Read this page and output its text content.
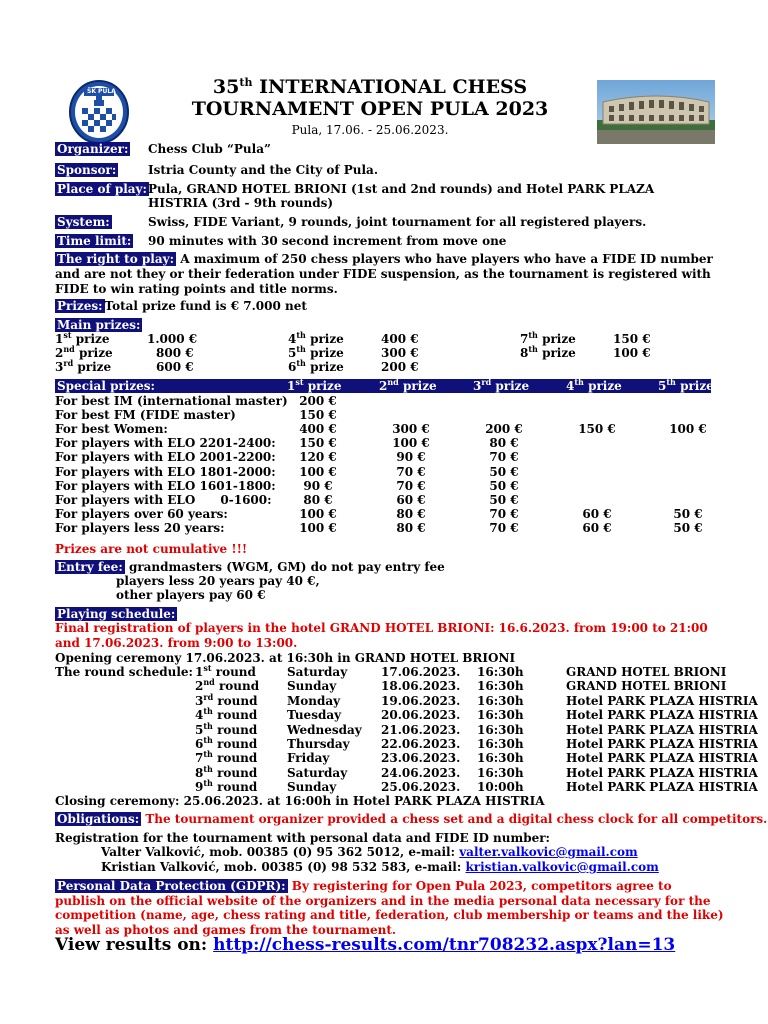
ŠK PULA	35th INTERNATIONAL CHESS
TOURNAMENT OPEN PULA 2023
Pula, 17.06. - 25.06.2023.
Organizer: Chess Club “Pula”
Sponsor:	Istria County and the City of Pula.
Place of play: Pula, GRAND HOTEL BRIONI (1st and 2nd rounds) and Hotel PARK PLAZA HISTRIA (3rd - 9th rounds)
System:	Swiss, FIDE Variant, 9 rounds, joint tournament for all registered players.
Time limit: 90 minutes with 30 second increment from move one
The right to play: A maximum of 250 chess players who have players who have a FIDE ID number and are not they or their federation under FIDE suspension, as the tournament is registered with FIDE to win rating points and title norms.
Prizes: Total prize fund is € 7.000 net
Main prizes:
1st prize	1.000 €
2nd prize	800 €
3rd prize	600 €
4th prize	400 €
5th prize	300 €
6th prize	200 €
7th prize	150 €
8th prize	100 €
Special prizes:	1st prize	2nd prize	3rd prize	4th prize	5th prize
For best IM (international master) 200 €
For best FM (FIDE master)	150 €
For best Women:	400 €	300 €	200 €	150 €	100 €
For players with ELO 2201-2400:	150 €	100 €	80 €
For players with ELO 2001-2200:	120 €	90 €	70 €
For players with ELO 1801-2000:	100 €	70 €	50 €
For players with ELO 1601-1800:	90 €	70 €	50 €
For players with ELO      0-1600:	80 €	60 €	50 €
For players over 60 years:	100 €	80 €	70 €	60 €	50 €
For players less 20 years:	100 €	80 €	70 €	60 €	50 €
Prizes are not cumulative !!!
Entry fee: grandmasters (WGM, GM) do not pay entry fee
players less 20 years pay 40 €,
other players pay 60 €
Playing schedule:
Final registration of players in the hotel GRAND HOTEL BRIONI: 16.6.2023. from 19:00 to 21:00 and 17.06.2023. from 9:00 to 13:00.
Opening ceremony 17.06.2023. at 16:30h in GRAND HOTEL BRIONI
The round schedule: 1st round	Saturday	17.06.2023. 16:30h	GRAND HOTEL BRIONI
2nd round Sunday	18.06.2023. 16:30h	GRAND HOTEL BRIONI
3rd round Monday	19.06.2023. 16:30h	Hotel PARK PLAZA HISTRIA
4th round Tuesday	20.06.2023. 16:30h	Hotel PARK PLAZA HISTRIA
5th round Wednesday 21.06.2023. 16:30h	Hotel PARK PLAZA HISTRIA
6th round Thursday	22.06.2023. 16:30h	Hotel PARK PLAZA HISTRIA
7th round Friday	23.06.2023. 16:30h	Hotel PARK PLAZA HISTRIA
8th round Saturday	24.06.2023. 16:30h	Hotel PARK PLAZA HISTRIA
9th round Sunday	25.06.2023. 10:00h	Hotel PARK PLAZA HISTRIA
Closing ceremony: 25.06.2023. at 16:00h in Hotel PARK PLAZA HISTRIA
Obligations: The tournament organizer provided a chess set and a digital chess clock for all competitors.
Registration for the tournament with personal data and FIDE ID number:
Valter Valković, mob. 00385 (0) 95 362 5012, e-mail: valter.valkovic@gmail.com
Kristian Valković, mob. 00385 (0) 98 532 583, e-mail: kristian.valkovic@gmail.com
Personal Data Protection (GDPR): By registering for Open Pula 2023, competitors agree to publish on the official website of the organizers and in the media personal data necessary for the competition (name, age, chess rating and title, federation, club membership or teams and the like) as well as photos and games from the tournament.
View results on: http://chess-results.com/tnr708232.aspx?lan=13
